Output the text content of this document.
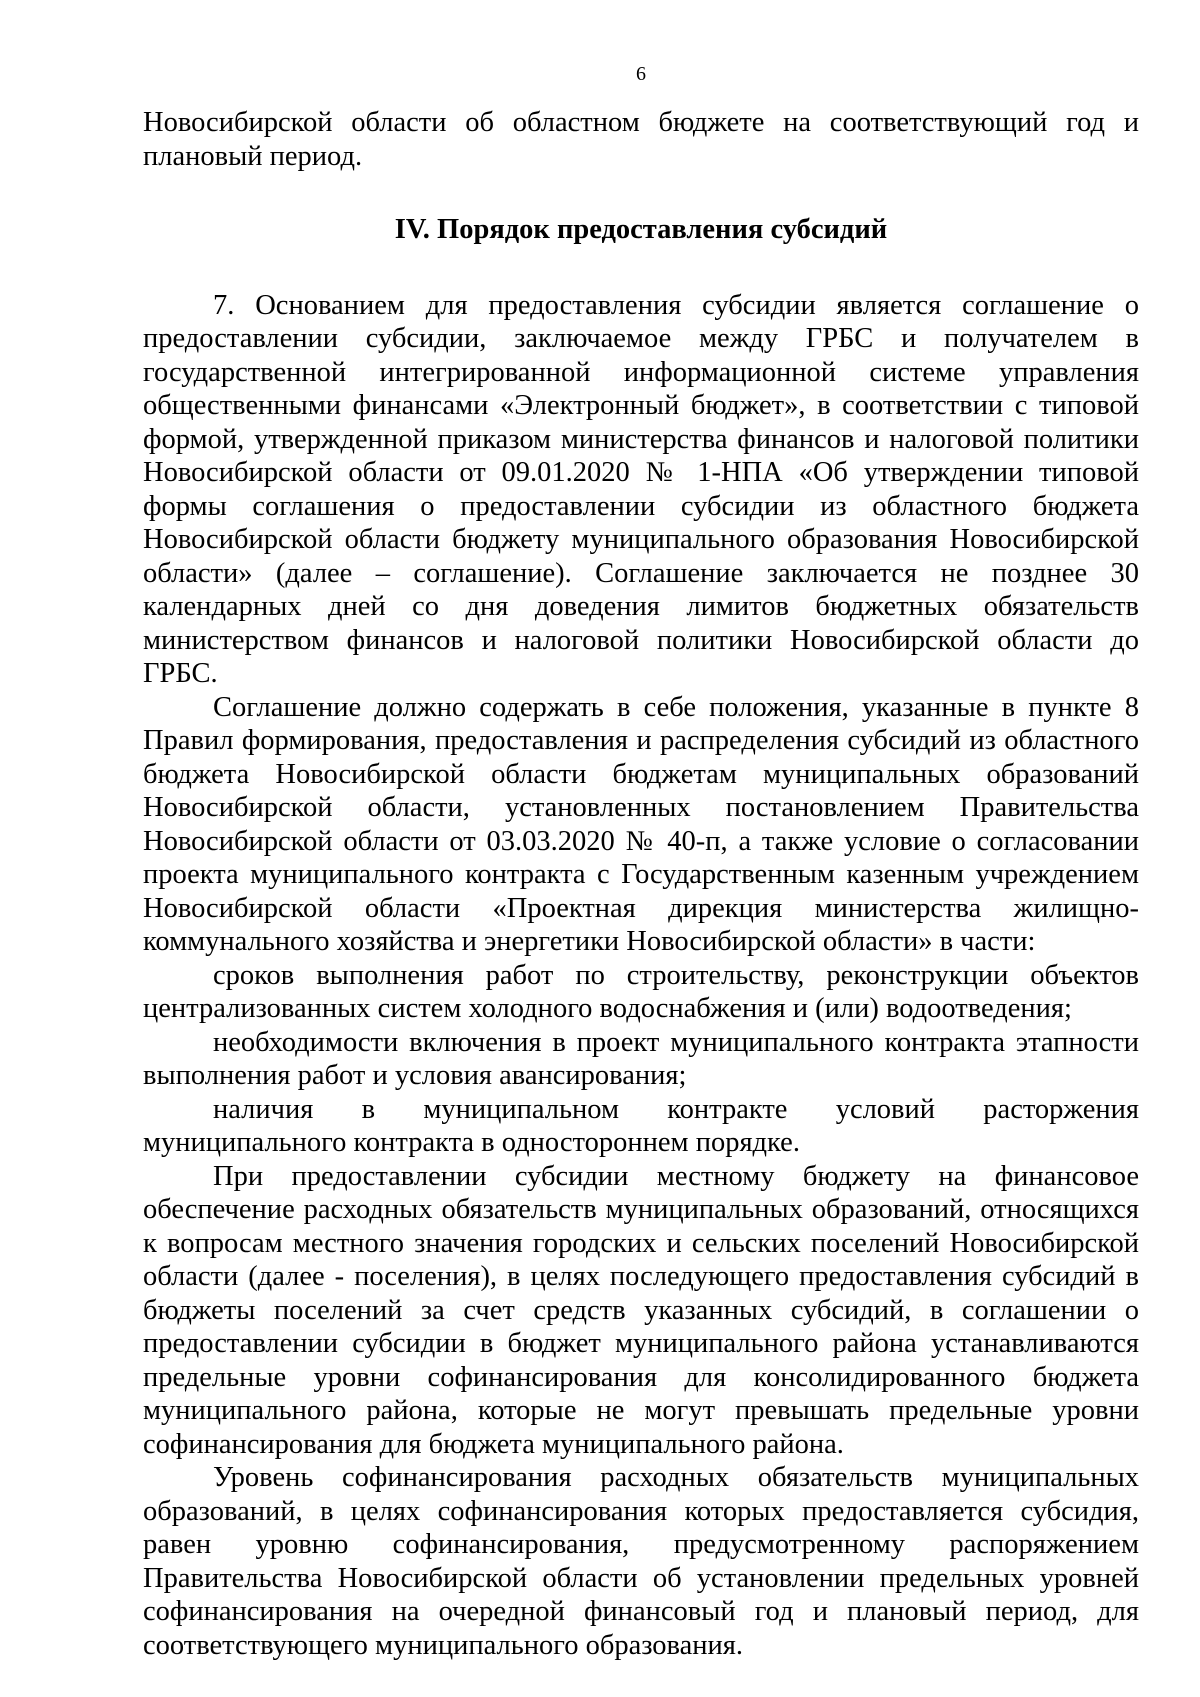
6

Новосибирской области об областном бюджете на соответствующий год и плановый период.

IV. Порядок предоставления субсидий

7. Основанием для предоставления субсидии является соглашение о предоставлении субсидии, заключаемое между ГРБС и получателем в государственной интегрированной информационной системе управления общественными финансами «Электронный бюджет», в соответствии с типовой формой, утвержденной приказом министерства финансов и налоговой политики Новосибирской области от 09.01.2020 № 1-НПА «Об утверждении типовой формы соглашения о предоставлении субсидии из областного бюджета Новосибирской области бюджету муниципального образования Новосибирской области» (далее – соглашение). Соглашение заключается не позднее 30 календарных дней со дня доведения лимитов бюджетных обязательств министерством финансов и налоговой политики Новосибирской области до ГРБС.

Соглашение должно содержать в себе положения, указанные в пункте 8 Правил формирования, предоставления и распределения субсидий из областного бюджета Новосибирской области бюджетам муниципальных образований Новосибирской области, установленных постановлением Правительства Новосибирской области от 03.03.2020 № 40-п, а также условие о согласовании проекта муниципального контракта с Государственным казенным учреждением Новосибирской области «Проектная дирекция министерства жилищно-коммунального хозяйства и энергетики Новосибирской области» в части:

сроков выполнения работ по строительству, реконструкции объектов централизованных систем холодного водоснабжения и (или) водоотведения;

необходимости включения в проект муниципального контракта этапности выполнения работ и условия авансирования;

наличия в муниципальном контракте условий расторжения муниципального контракта в одностороннем порядке.

При предоставлении субсидии местному бюджету на финансовое обеспечение расходных обязательств муниципальных образований, относящихся к вопросам местного значения городских и сельских поселений Новосибирской области (далее - поселения), в целях последующего предоставления субсидий в бюджеты поселений за счет средств указанных субсидий, в соглашении о предоставлении субсидии в бюджет муниципального района устанавливаются предельные уровни софинансирования для консолидированного бюджета муниципального района, которые не могут превышать предельные уровни софинансирования для бюджета муниципального района.

Уровень софинансирования расходных обязательств муниципальных образований, в целях софинансирования которых предоставляется субсидия, равен уровню софинансирования, предусмотренному распоряжением Правительства Новосибирской области об установлении предельных уровней софинансирования на очередной финансовый год и плановый период, для соответствующего муниципального образования.
